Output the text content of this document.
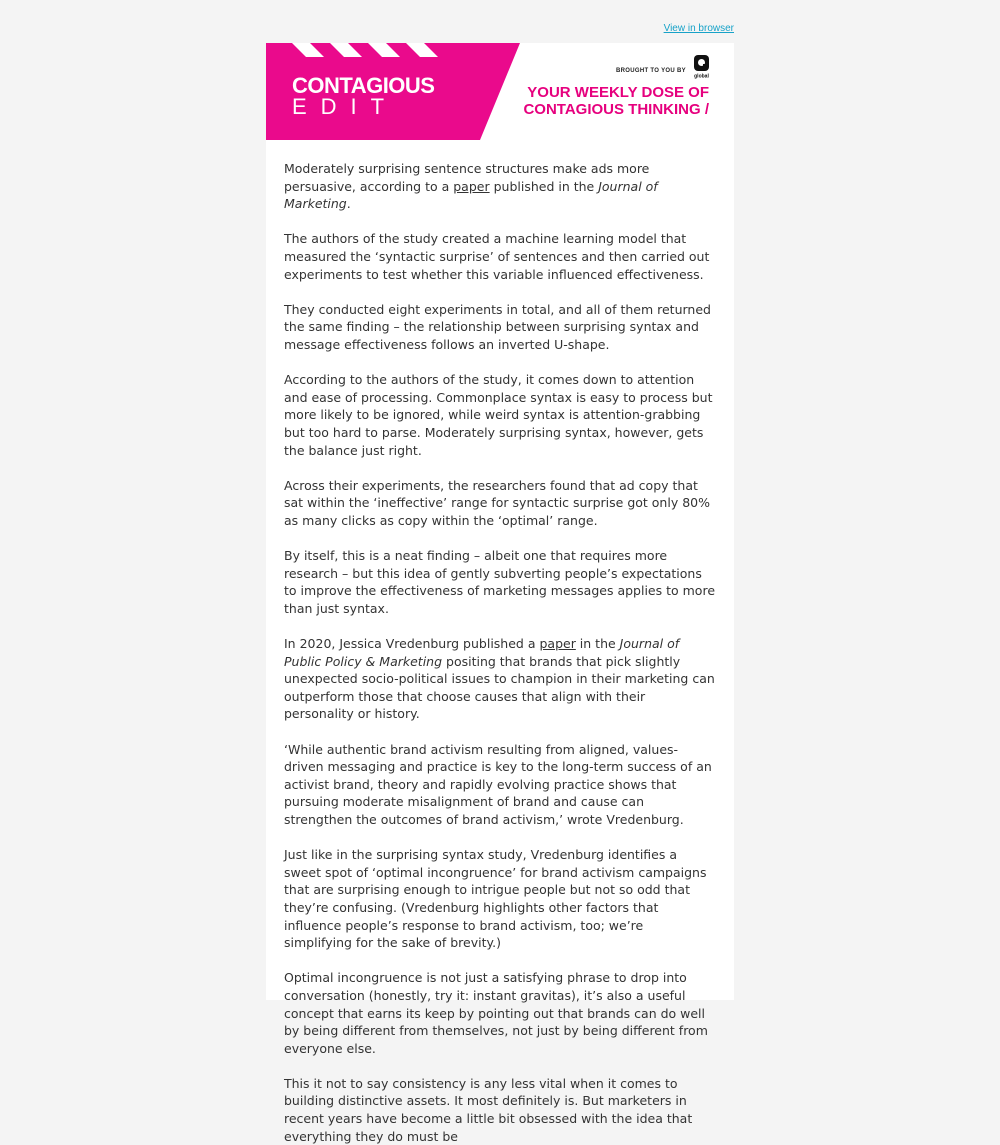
View in browser
CONTAGIOUS
EDIT
BROUGHT TO YOU BY
global
YOUR WEEKLY DOSE OF
CONTAGIOUS THINKING /

Moderately surprising sentence structures make ads more persuasive, according to a paper published in the Journal of Marketing.

The authors of the study created a machine learning model that measured the ‘syntactic surprise’ of sentences and then carried out experiments to test whether this variable influenced effectiveness.

They conducted eight experiments in total, and all of them returned the same finding – the relationship between surprising syntax and message effectiveness follows an inverted U-shape.

According to the authors of the study, it comes down to attention and ease of processing. Commonplace syntax is easy to process but more likely to be ignored, while weird syntax is attention-grabbing but too hard to parse. Moderately surprising syntax, however, gets the balance just right.

Across their experiments, the researchers found that ad copy that sat within the ‘ineffective’ range for syntactic surprise got only 80% as many clicks as copy within the ‘optimal’ range.

By itself, this is a neat finding – albeit one that requires more research – but this idea of gently subverting people’s expectations to improve the effectiveness of marketing messages applies to more than just syntax.

In 2020, Jessica Vredenburg published a paper in the Journal of Public Policy & Marketing positing that brands that pick slightly unexpected socio-political issues to champion in their marketing can outperform those that choose causes that align with their personality or history.

‘While authentic brand activism resulting from aligned, values-driven messaging and practice is key to the long-term success of an activist brand, theory and rapidly evolving practice shows that pursuing moderate misalignment of brand and cause can strengthen the outcomes of brand activism,’ wrote Vredenburg.

Just like in the surprising syntax study, Vredenburg identifies a sweet spot of ‘optimal incongruence’ for brand activism campaigns that are surprising enough to intrigue people but not so odd that they’re confusing. (Vredenburg highlights other factors that influence people’s response to brand activism, too; we’re simplifying for the sake of brevity.)

Optimal incongruence is not just a satisfying phrase to drop into conversation (honestly, try it: instant gravitas), it’s also a useful concept that earns its keep by pointing out that brands can do well by being different from themselves, not just by being different from everyone else.

This it not to say consistency is any less vital when it comes to building distinctive assets. It most definitely is. But marketers in recent years have become a little bit obsessed with the idea that everything they do must be
